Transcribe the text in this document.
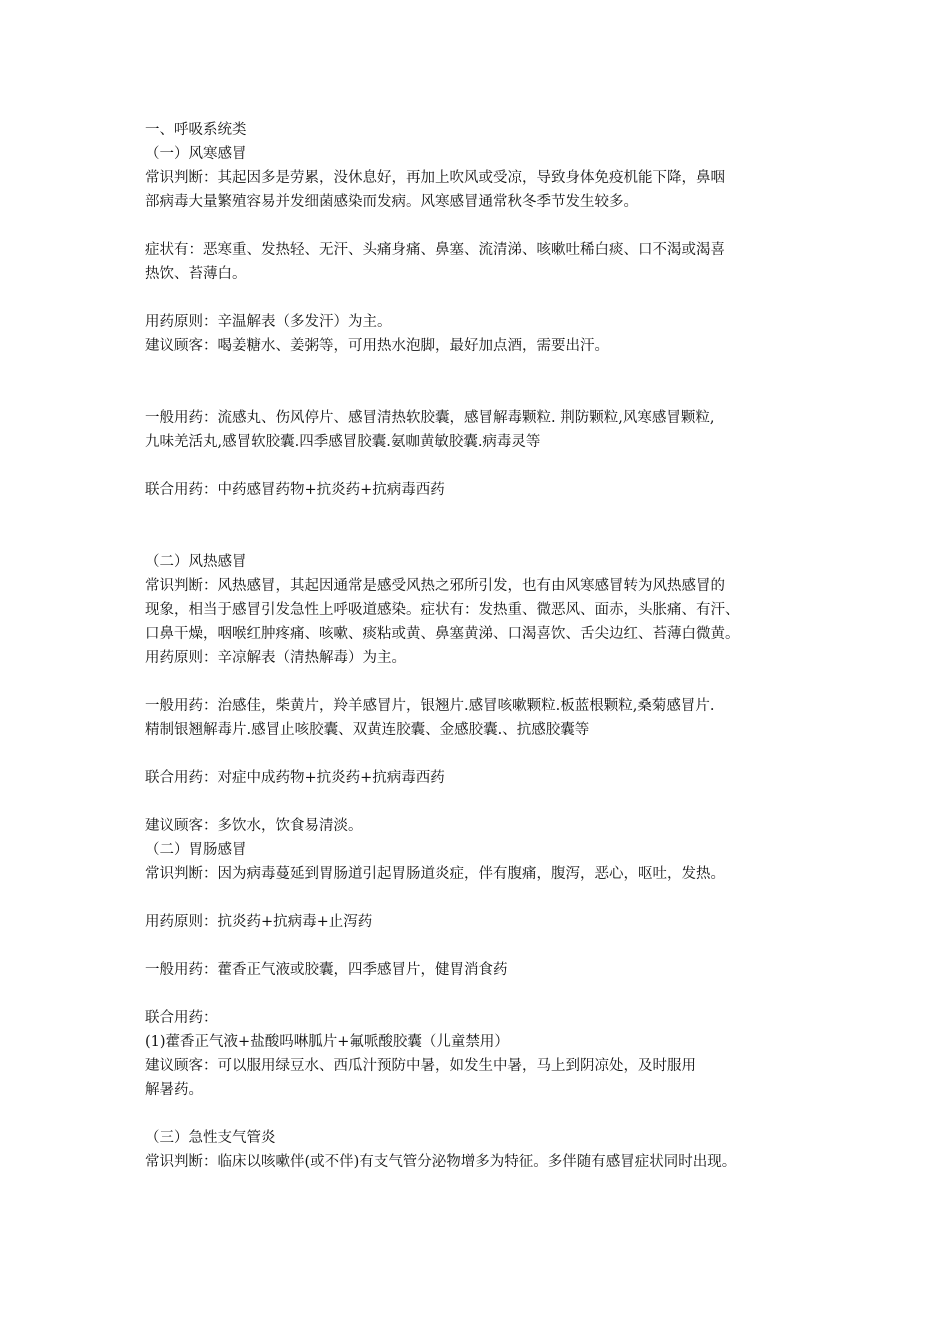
一、呼吸系统类
（一）风寒感冒
常识判断：其起因多是劳累，没休息好，再加上吹风或受凉，导致身体免疫机能下降，鼻咽
部病毒大量繁殖容易并发细菌感染而发病。风寒感冒通常秋冬季节发生较多。
症状有：恶寒重、发热轻、无汗、头痛身痛、鼻塞、流清涕、咳嗽吐稀白痰、口不渴或渴喜
热饮、苔薄白。
用药原则：辛温解表（多发汗）为主。
建议顾客：喝姜糖水、姜粥等，可用热水泡脚，最好加点酒，需要出汗。
一般用药：流感丸、伤风停片、感冒清热软胶囊，感冒解毒颗粒. 荆防颗粒,风寒感冒颗粒,
九味羌活丸,感冒软胶囊.四季感冒胶囊.氨咖黄敏胶囊.病毒灵等
联合用药：中药感冒药物+抗炎药+抗病毒西药
（二）风热感冒
常识判断：风热感冒，其起因通常是感受风热之邪所引发，也有由风寒感冒转为风热感冒的
现象，相当于感冒引发急性上呼吸道感染。症状有：发热重、微恶风、面赤，头胀痛、有汗、
口鼻干燥，咽喉红肿疼痛、咳嗽、痰粘或黄、鼻塞黄涕、口渴喜饮、舌尖边红、苔薄白微黄。
用药原则：辛凉解表（清热解毒）为主。
一般用药：治感佳，柴黄片，羚羊感冒片，银翘片.感冒咳嗽颗粒.板蓝根颗粒,桑菊感冒片.
精制银翘解毒片.感冒止咳胶囊、双黄连胶囊、金感胶囊.、抗感胶囊等
联合用药：对症中成药物+抗炎药+抗病毒西药
建议顾客：多饮水，饮食易清淡。
（二）胃肠感冒
常识判断：因为病毒蔓延到胃肠道引起胃肠道炎症，伴有腹痛，腹泻，恶心，呕吐，发热。
用药原则：抗炎药+抗病毒+止泻药
一般用药：藿香正气液或胶囊，四季感冒片，健胃消食药
联合用药：
(1)藿香正气液+盐酸吗啉胍片+氟哌酸胶囊（儿童禁用）
建议顾客：可以服用绿豆水、西瓜汁预防中暑，如发生中暑，马上到阴凉处，及时服用
解暑药。
（三）急性支气管炎
常识判断：临床以咳嗽伴(或不伴)有支气管分泌物增多为特征。多伴随有感冒症状同时出现。
